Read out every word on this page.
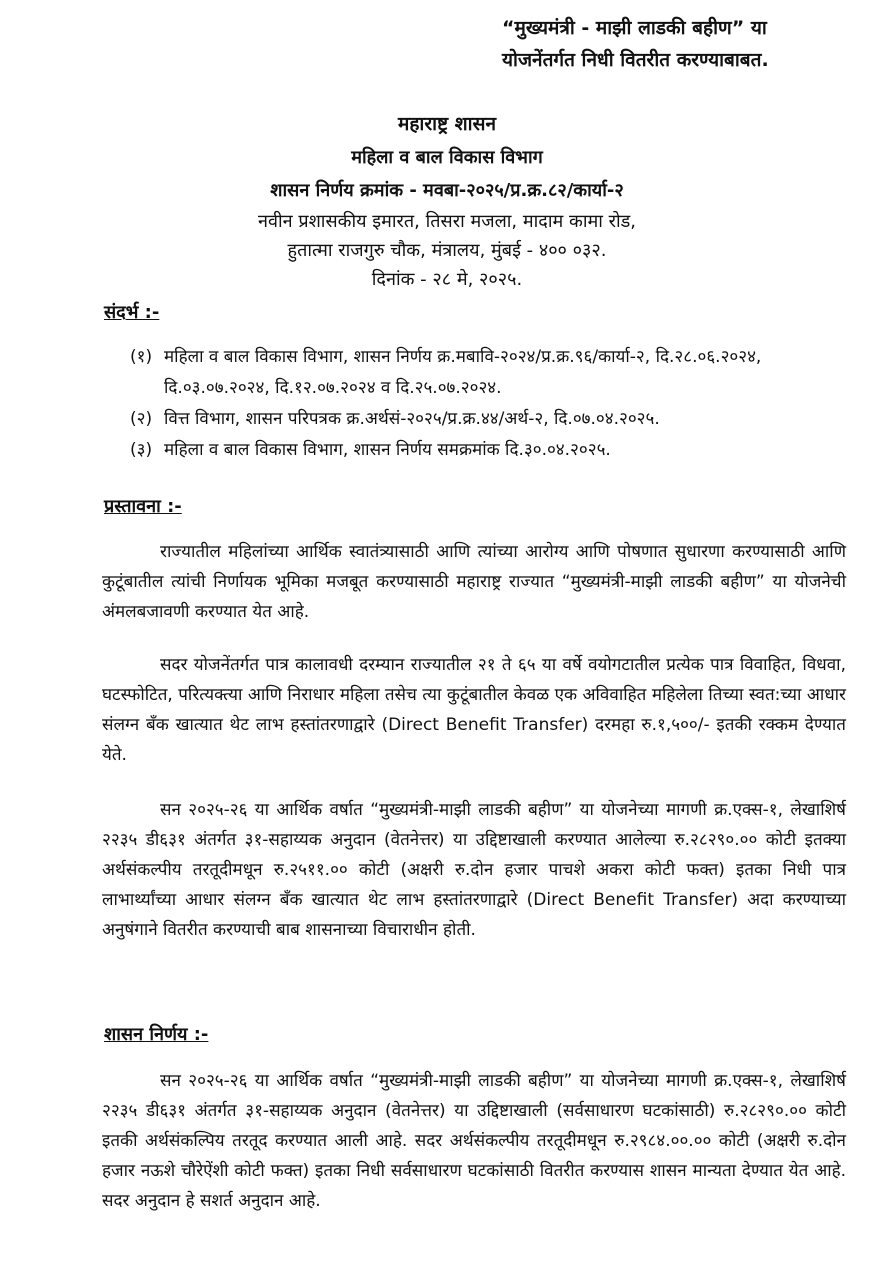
“मुख्यमंत्री - माझी लाडकी बहीण” या
योजनेंतर्गत निधी वितरीत करण्याबाबत.
महाराष्ट्र शासन
महिला व बाल विकास विभाग
शासन निर्णय क्रमांक - मवबा-२०२५/प्र.क्र.८२/कार्या-२
नवीन प्रशासकीय इमारत, तिसरा मजला, मादाम कामा रोड,
हुतात्मा राजगुरु चौक, मंत्रालय, मुंबई - ४०० ०३२.
दिनांक - २८ मे, २०२५.
संदर्भ :-
(१) महिला व बाल विकास विभाग, शासन निर्णय क्र.मबावि-२०२४/प्र.क्र.९६/कार्या-२, दि.२८.०६.२०२४, दि.०३.०७.२०२४, दि.१२.०७.२०२४ व दि.२५.०७.२०२४.
(२) वित्त विभाग, शासन परिपत्रक क्र.अर्थसं-२०२५/प्र.क्र.४४/अर्थ-२, दि.०७.०४.२०२५.
(३) महिला व बाल विकास विभाग, शासन निर्णय समक्रमांक दि.३०.०४.२०२५.
प्रस्तावना :-
राज्यातील महिलांच्या आर्थिक स्वातंत्र्यासाठी आणि त्यांच्या आरोग्य आणि पोषणात सुधारणा करण्यासाठी आणि कुटूंबातील त्यांची निर्णायक भूमिका मजबूत करण्यासाठी महाराष्ट्र राज्यात “मुख्यमंत्री-माझी लाडकी बहीण” या योजनेची अंमलबजावणी करण्यात येत आहे.
सदर योजनेंतर्गत पात्र कालावधी दरम्यान राज्यातील २१ ते ६५ या वर्षे वयोगटातील प्रत्येक पात्र विवाहित, विधवा, घटस्फोटित, परित्यक्त्या आणि निराधार महिला तसेच त्या कुटूंबातील केवळ एक अविवाहित महिलेला तिच्या स्वत:च्या आधार संलग्न बँक खात्यात थेट लाभ हस्तांतरणाद्वारे (Direct Benefit Transfer) दरमहा रु.१,५००/- इतकी रक्कम देण्यात येते.
सन २०२५-२६ या आर्थिक वर्षात “मुख्यमंत्री-माझी लाडकी बहीण” या योजनेच्या मागणी क्र.एक्स-१, लेखाशिर्ष २२३५ डी६३१ अंतर्गत ३१-सहाय्यक अनुदान (वेतनेत्तर) या उद्दिष्टाखाली करण्यात आलेल्या रु.२८२९०.०० कोटी इतक्या अर्थसंकल्पीय तरतूदीमधून रु.२५११.०० कोटी (अक्षरी रु.दोन हजार पाचशे अकरा कोटी फक्त) इतका निधी पात्र लाभार्थ्यांच्या आधार संलग्न बँक खात्यात थेट लाभ हस्तांतरणाद्वारे (Direct Benefit Transfer) अदा करण्याच्या अनुषंगाने वितरीत करण्याची बाब शासनाच्या विचाराधीन होती.
शासन निर्णय :-
सन २०२५-२६ या आर्थिक वर्षात “मुख्यमंत्री-माझी लाडकी बहीण” या योजनेच्या मागणी क्र.एक्स-१, लेखाशिर्ष २२३५ डी६३१ अंतर्गत ३१-सहाय्यक अनुदान (वेतनेत्तर) या उद्दिष्टाखाली (सर्वसाधारण घटकांसाठी) रु.२८२९०.०० कोटी इतकी अर्थसंकल्पिय तरतूद करण्यात आली आहे. सदर अर्थसंकल्पीय तरतूदीमधून रु.२९८४.००.०० कोटी (अक्षरी रु.दोन हजार नऊशे चौरेऐंशी कोटी फक्त) इतका निधी सर्वसाधारण घटकांसाठी वितरीत करण्यास शासन मान्यता देण्यात येत आहे. सदर अनुदान हे सशर्त अनुदान आहे.
